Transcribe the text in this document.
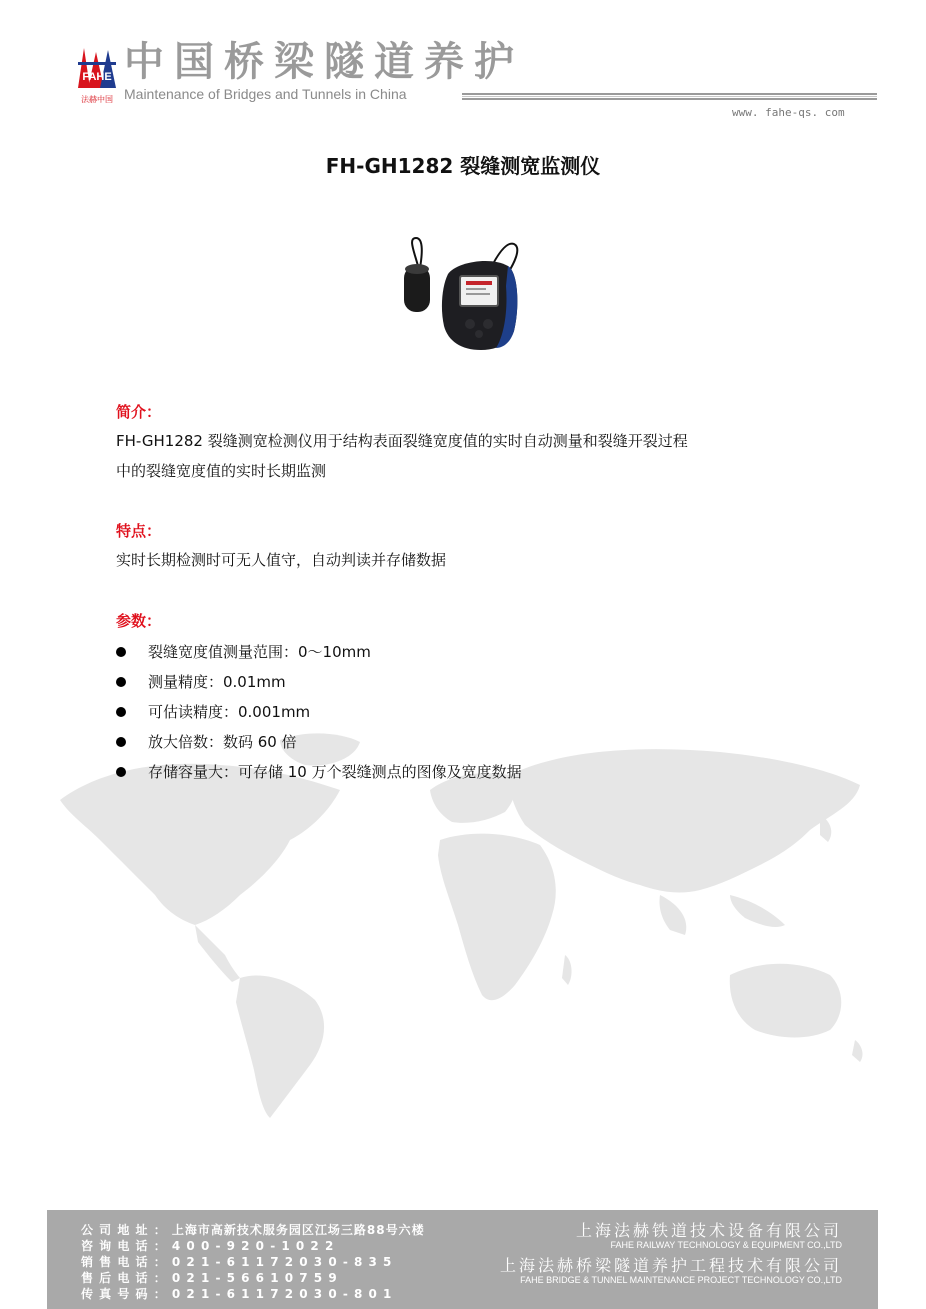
FAHE
法赫中国
中国桥梁隧道养护
Maintenance of Bridges and Tunnels in China
www. fahe-qs. com
FH-GH1282 裂缝测宽监测仪
简介：
FH-GH1282 裂缝测宽检测仪用于结构表面裂缝宽度值的实时自动测量和裂缝开裂过程
中的裂缝宽度值的实时长期监测
特点：
实时长期检测时可无人值守，自动判读并存储数据
参数：
裂缝宽度值测量范围：0～10mm
测量精度：0.01mm
可估读精度：0.001mm
放大倍数：数码 60 倍
存储容量大：可存储 10 万个裂缝测点的图像及宽度数据
公 司 地 址 ： 上海市高新技术服务园区江场三路88号六楼
咨 询 电 话 ： 4 0 0 - 9 2 0 - 1 0 2 2
销 售 电 话 ： 0 2 1 - 6 1 1 7 2 0 3 0 - 8 3 5
售 后 电 话 ： 0 2 1 - 5 6 6 1 0 7 5 9
传 真 号 码 ： 0 2 1 - 6 1 1 7 2 0 3 0 - 8 0 1
上海法赫铁道技术设备有限公司
FAHE RAILWAY TECHNOLOGY & EQUIPMENT CO.,LTD
上海法赫桥梁隧道养护工程技术有限公司
FAHE BRIDGE & TUNNEL MAINTENANCE PROJECT TECHNOLOGY CO.,LTD
